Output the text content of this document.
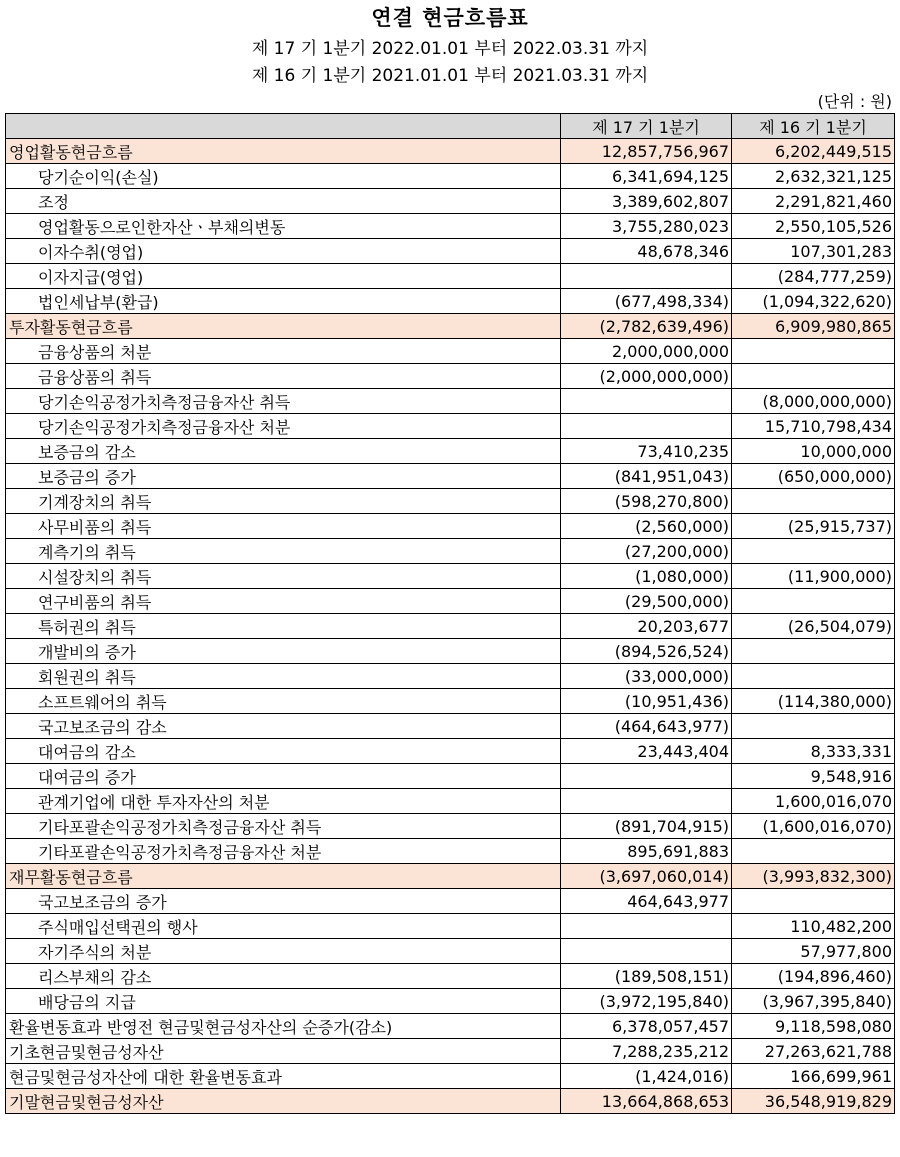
연결 현금흐름표
제 17 기 1분기 2022.01.01 부터 2022.03.31 까지
제 16 기 1분기 2021.01.01 부터 2021.03.31 까지
(단위 : 원)
	제 17 기 1분기	제 16 기 1분기
영업활동현금흐름	12,857,756,967	6,202,449,515
당기순이익(손실)	6,341,694,125	2,632,321,125
조정	3,389,602,807	2,291,821,460
영업활동으로인한자산ㆍ부채의변동	3,755,280,023	2,550,105,526
이자수취(영업)	48,678,346	107,301,283
이자지급(영업)		(284,777,259)
법인세납부(환급)	(677,498,334)	(1,094,322,620)
투자활동현금흐름	(2,782,639,496)	6,909,980,865
금융상품의 처분	2,000,000,000	
금융상품의 취득	(2,000,000,000)	
당기손익공정가치측정금융자산 취득		(8,000,000,000)
당기손익공정가치측정금융자산 처분		15,710,798,434
보증금의 감소	73,410,235	10,000,000
보증금의 증가	(841,951,043)	(650,000,000)
기계장치의 취득	(598,270,800)	
사무비품의 취득	(2,560,000)	(25,915,737)
계측기의 취득	(27,200,000)	
시설장치의 취득	(1,080,000)	(11,900,000)
연구비품의 취득	(29,500,000)	
특허권의 취득	20,203,677	(26,504,079)
개발비의 증가	(894,526,524)	
회원권의 취득	(33,000,000)	
소프트웨어의 취득	(10,951,436)	(114,380,000)
국고보조금의 감소	(464,643,977)	
대여금의 감소	23,443,404	8,333,331
대여금의 증가		9,548,916
관계기업에 대한 투자자산의 처분		1,600,016,070
기타포괄손익공정가치측정금융자산 취득	(891,704,915)	(1,600,016,070)
기타포괄손익공정가치측정금융자산 처분	895,691,883	
재무활동현금흐름	(3,697,060,014)	(3,993,832,300)
국고보조금의 증가	464,643,977	
주식매입선택권의 행사		110,482,200
자기주식의 처분		57,977,800
리스부채의 감소	(189,508,151)	(194,896,460)
배당금의 지급	(3,972,195,840)	(3,967,395,840)
환율변동효과 반영전 현금및현금성자산의 순증가(감소)	6,378,057,457	9,118,598,080
기초현금및현금성자산	7,288,235,212	27,263,621,788
현금및현금성자산에 대한 환율변동효과	(1,424,016)	166,699,961
기말현금및현금성자산	13,664,868,653	36,548,919,829
